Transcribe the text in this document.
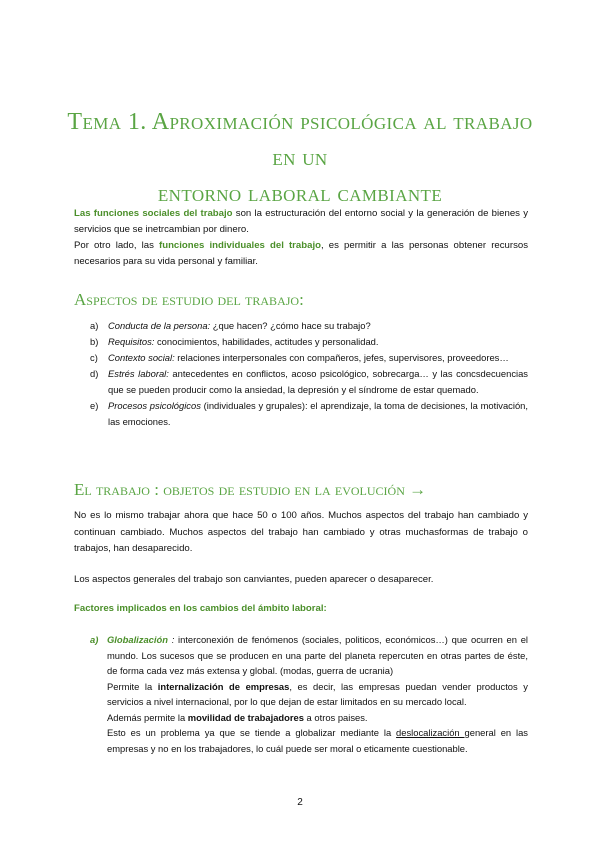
Tema 1. Aproximación psicológica al trabajo en un
entorno laboral cambiante
Las funciones sociales del trabajo son la estructuración del entorno social y la generación de bienes y servicios que se inetrcambian por dinero.
Por otro lado, las funciones individuales del trabajo, es permitir a las personas obtener recursos necesarios para su vida personal y familiar.
Aspectos de estudio del trabajo:
a) Conducta de la persona: ¿que hacen? ¿cómo hace su trabajo?
b) Requisitos: conocimientos, habilidades, actitudes y personalidad.
c) Contexto social: relaciones interpersonales con compañeros, jefes, supervisores, proveedores…
d) Estrés laboral: antecedentes en conflictos, acoso psicológico, sobrecarga… y las concsdecuencias que se pueden producir como la ansiedad, la depresión y el síndrome de estar quemado.
e) Procesos psicológicos (individuales y grupales): el aprendizaje, la toma de decisiones, la motivación, las emociones.
El trabajo : objetos de estudio en la evolución →
No es lo mismo trabajar ahora que hace 50 o 100 años. Muchos aspectos del trabajo han cambiado y continuan cambiado. Muchos aspectos del trabajo han cambiado y otras muchasformas de trabajo o trabajos, han desaparecido.
Los aspectos generales del trabajo son canviantes, pueden aparecer o desaparecer.
Factores implicados en los cambios del ámbito laboral:
a) Globalización : interconexión de fenómenos (sociales, politicos, económicos…) que ocurren en el mundo. Los sucesos que se producen en una parte del planeta repercuten en otras partes de éste, de forma cada vez más extensa y global. (modas, guerra de ucrania)
Permite la internalización de empresas, es decir, las empresas puedan vender productos y servicios a nivel internacional, por lo que dejan de estar limitados en su mercado local.
Además permite la movilidad de trabajadores a otros paises.
Esto es un problema ya que se tiende a globalizar mediante la deslocalización general en las empresas y no en los trabajadores, lo cuál puede ser moral o eticamente cuestionable.
2
